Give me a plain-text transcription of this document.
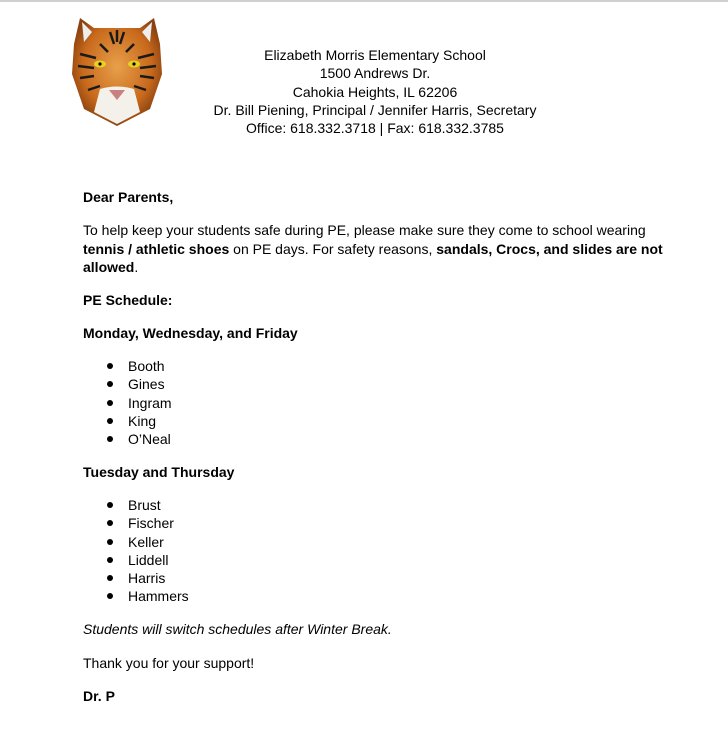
Elizabeth Morris Elementary School
1500 Andrews Dr.
Cahokia Heights, IL 62206
Dr. Bill Piening, Principal / Jennifer Harris, Secretary
Office: 618.332.3718 | Fax: 618.332.3785
Dear Parents,
To help keep your students safe during PE, please make sure they come to school wearing tennis / athletic shoes on PE days. For safety reasons, sandals, Crocs, and slides are not allowed.
PE Schedule:
Monday, Wednesday, and Friday
Booth
Gines
Ingram
King
O’Neal
Tuesday and Thursday
Brust
Fischer
Keller
Liddell
Harris
Hammers
Students will switch schedules after Winter Break.
Thank you for your support!
Dr. P
